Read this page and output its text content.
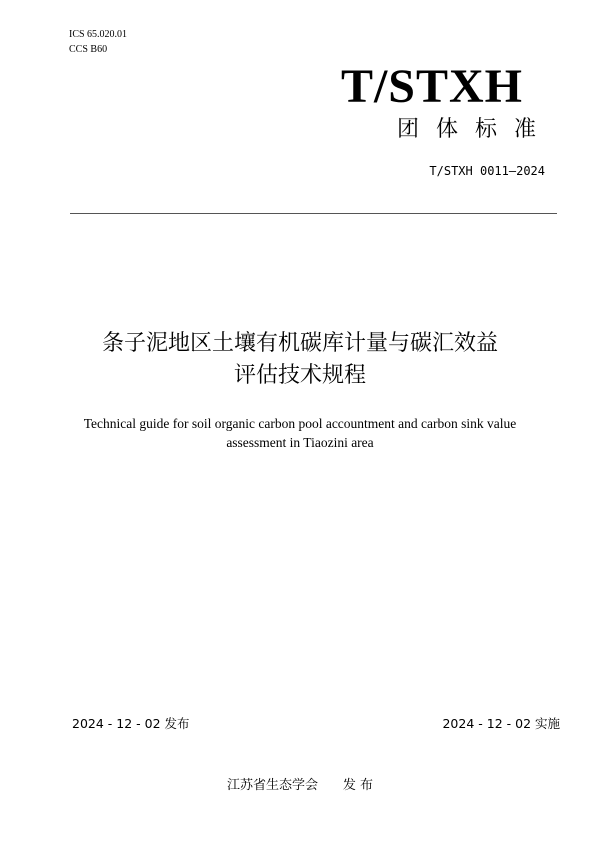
ICS 65.020.01
CCS B60
T/STXH
团体标准
T/STXH 0011—2024
条子泥地区土壤有机碳库计量与碳汇效益
评估技术规程
Technical guide for soil organic carbon pool accountment and carbon sink value
assessment in Tiaozini area
2024 - 12 - 02 发布	2024 - 12 - 02 实施
江苏省生态学会      发 布
